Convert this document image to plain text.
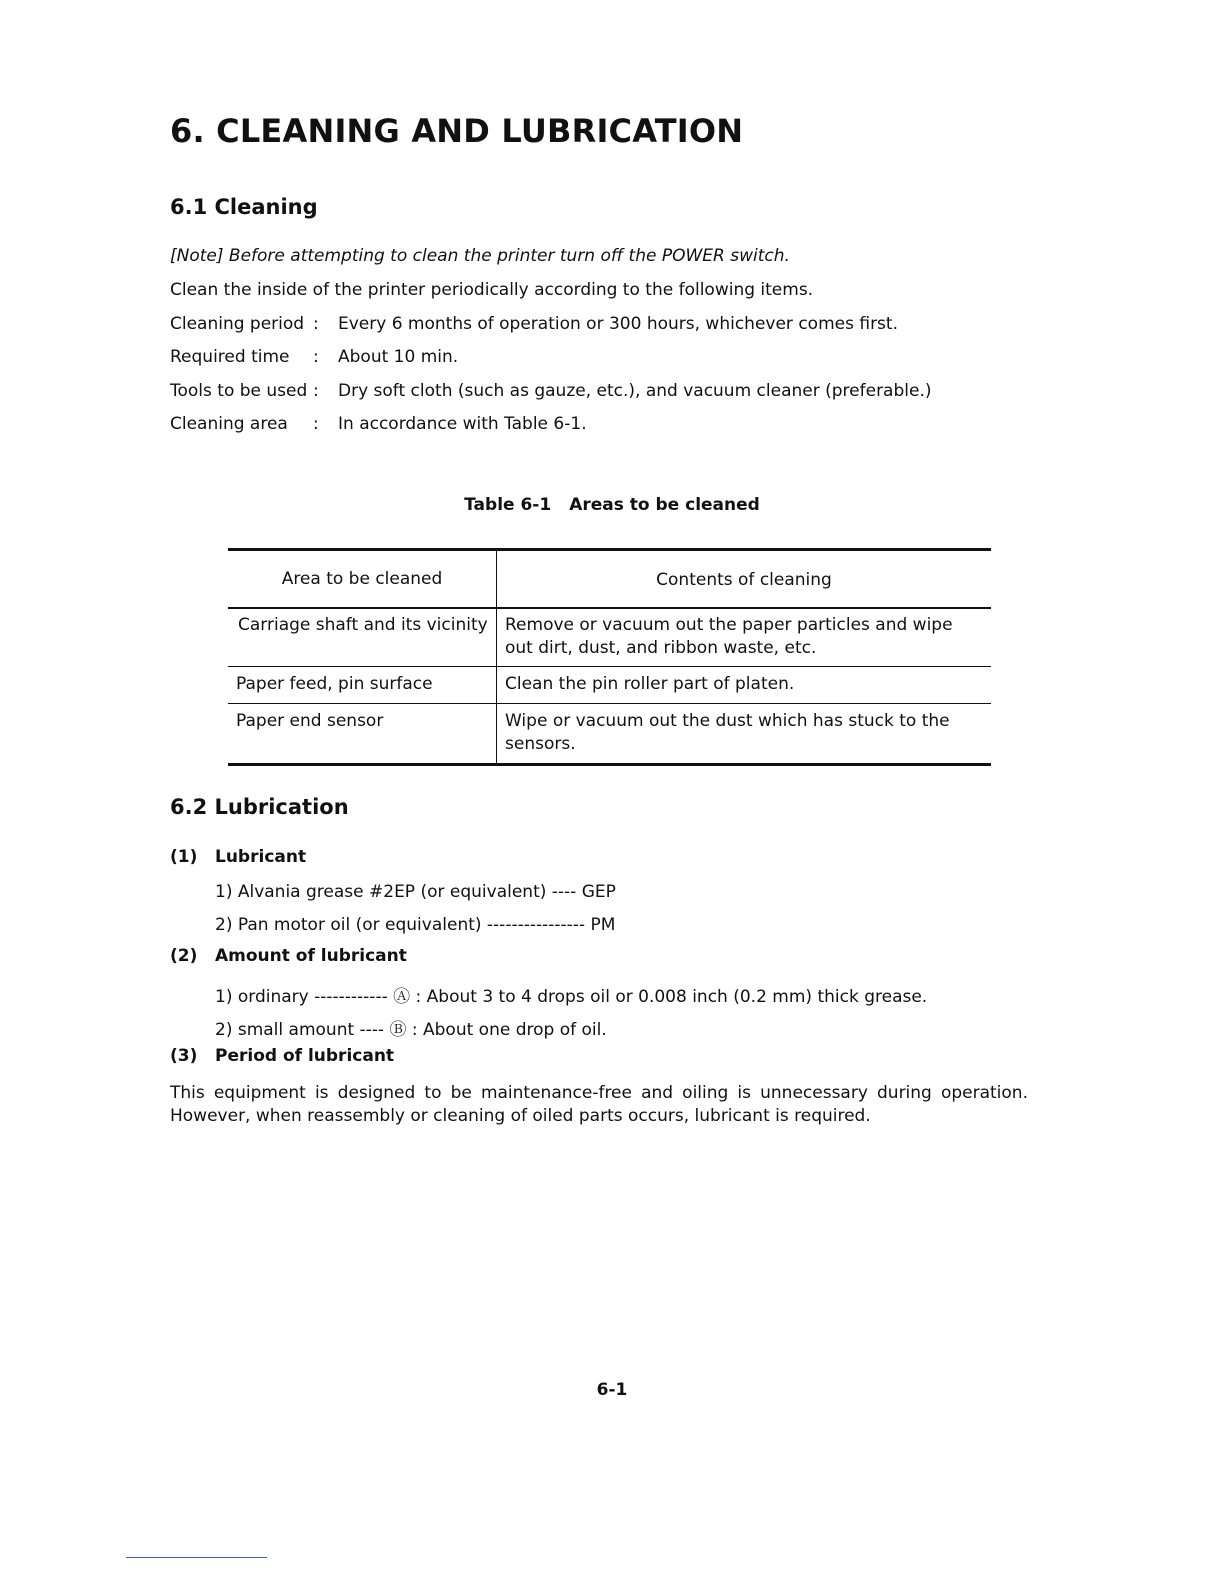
6. CLEANING AND LUBRICATION
6.1 Cleaning
[Note] Before attempting to clean the printer turn off the POWER switch.
Clean the inside of the printer periodically according to the following items.
Cleaning period : Every 6 months of operation or 300 hours, whichever comes first.
Required time : About 10 min.
Tools to be used : Dry soft cloth (such as gauze, etc.), and vacuum cleaner (preferable.)
Cleaning area : In accordance with Table 6-1.
Table 6-1 Areas to be cleaned
Area to be cleaned	Contents of cleaning
Carriage shaft and its vicinity	Remove or vacuum out the paper particles and wipe out dirt, dust, and ribbon waste, etc.
Paper feed, pin surface	Clean the pin roller part of platen.
Paper end sensor	Wipe or vacuum out the dust which has stuck to the sensors.
6.2 Lubrication
(1) Lubricant
1) Alvania grease #2EP (or equivalent) ---- GEP
2) Pan motor oil (or equivalent) ---------------- PM
(2) Amount of lubricant
1) ordinary ------------ Ⓐ : About 3 to 4 drops oil or 0.008 inch (0.2 mm) thick grease.
2) small amount ---- Ⓑ : About one drop of oil.
(3) Period of lubricant
This equipment is designed to be maintenance-free and oiling is unnecessary during operation.
However, when reassembly or cleaning of oiled parts occurs, lubricant is required.
6-1
